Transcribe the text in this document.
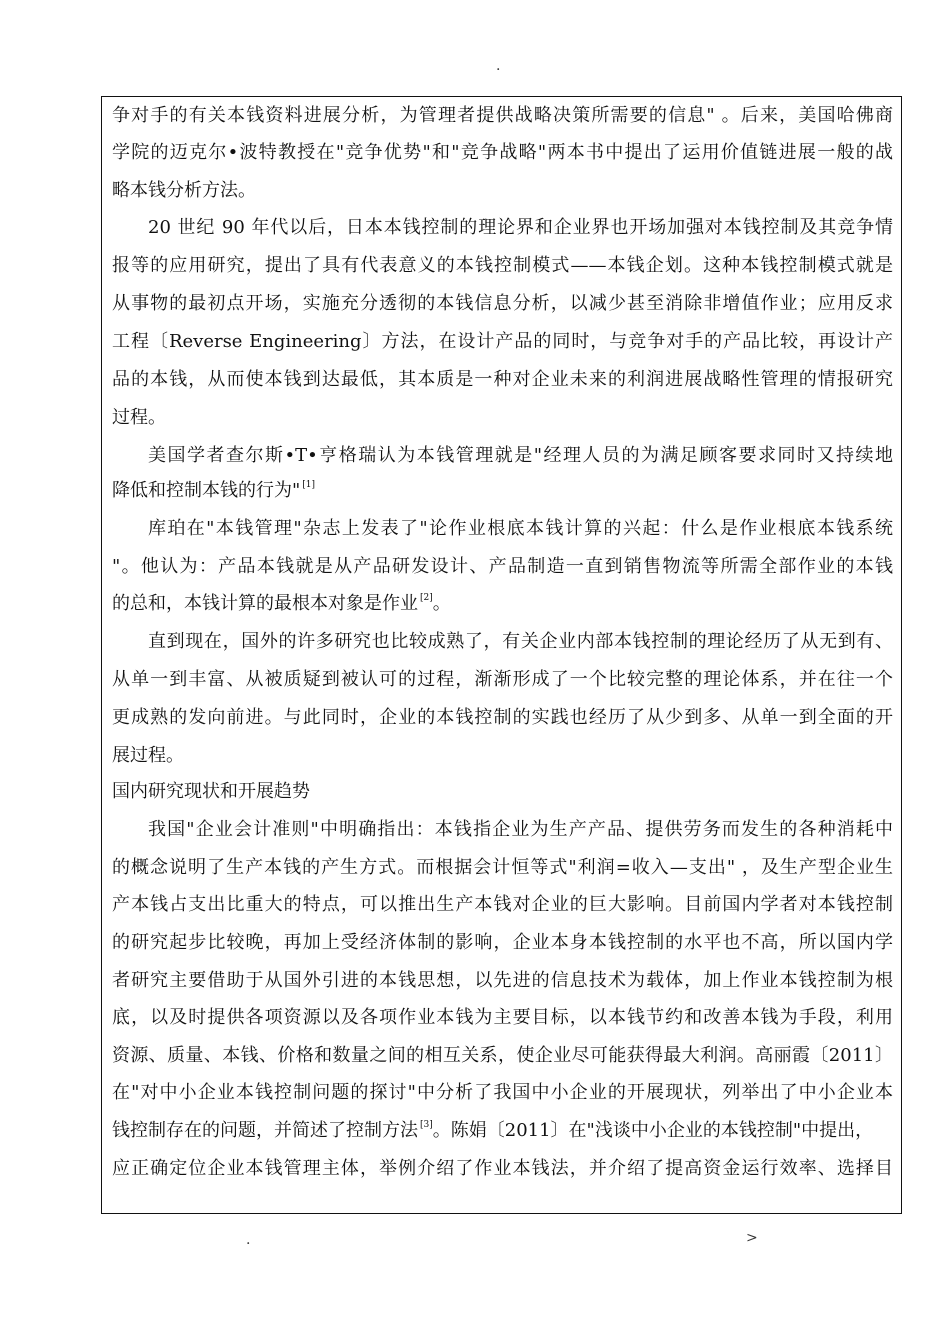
.
争对手的有关本钱资料进展分析，为管理者提供战略决策所需要的信息" 。后来，美国哈佛商
学院的迈克尔•波特教授在"竞争优势"和"竞争战略"两本书中提出了运用价值链进展一般的战
略本钱分析方法。
20 世纪 90 年代以后，日本本钱控制的理论界和企业界也开场加强对本钱控制及其竞争情
报等的应用研究，提出了具有代表意义的本钱控制模式——本钱企划。这种本钱控制模式就是
从事物的最初点开场，实施充分透彻的本钱信息分析，以减少甚至消除非增值作业；应用反求
工程〔Reverse Engineering〕方法，在设计产品的同时，与竞争对手的产品比较，再设计产
品的本钱，从而使本钱到达最低，其本质是一种对企业未来的利润进展战略性管理的情报研究
过程。
美国学者查尔斯•T•亨格瑞认为本钱管理就是"经理人员的为满足顾客要求同时又持续地
降低和控制本钱的行为" [1]
库珀在"本钱管理"杂志上发表了"论作业根底本钱计算的兴起：什么是作业根底本钱系统
"。他认为：产品本钱就是从产品研发设计、产品制造一直到销售物流等所需全部作业的本钱
的总和，本钱计算的最根本对象是作业 [2]。
直到现在，国外的许多研究也比较成熟了，有关企业内部本钱控制的理论经历了从无到有、
从单一到丰富、从被质疑到被认可的过程，渐渐形成了一个比较完整的理论体系，并在往一个
更成熟的发向前进。与此同时，企业的本钱控制的实践也经历了从少到多、从单一到全面的开
展过程。
国内研究现状和开展趋势
我国"企业会计准则"中明确指出：本钱指企业为生产产品、提供劳务而发生的各种消耗中
的概念说明了生产本钱的产生方式。而根据会计恒等式"利润=收入—支出" ，及生产型企业生
产本钱占支出比重大的特点，可以推出生产本钱对企业的巨大影响。目前国内学者对本钱控制
的研究起步比较晚，再加上受经济体制的影响，企业本身本钱控制的水平也不高，所以国内学
者研究主要借助于从国外引进的本钱思想，以先进的信息技术为载体，加上作业本钱控制为根
底，以及时提供各项资源以及各项作业本钱为主要目标，以本钱节约和改善本钱为手段，利用
资源、质量、本钱、价格和数量之间的相互关系，使企业尽可能获得最大利润。高丽霞〔2011〕
在"对中小企业本钱控制问题的探讨"中分析了我国中小企业的开展现状，列举出了中小企业本
钱控制存在的问题，并简述了控制方法 [3]。陈娟〔2011〕在"浅谈中小企业的本钱控制"中提出，
应正确定位企业本钱管理主体，举例介绍了作业本钱法，并介绍了提高资金运行效率、选择目
.	>
